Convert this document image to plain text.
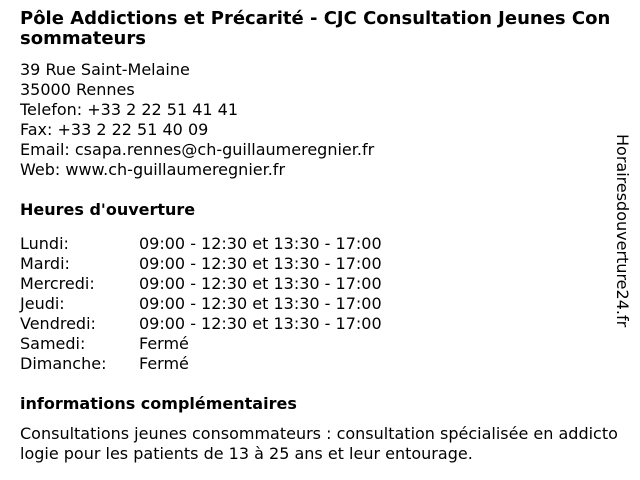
Pôle Addictions et Précarité - CJC Consultation Jeunes Consommateurs
39 Rue Saint-Melaine
35000 Rennes
Telefon: +33 2 22 51 41 41
Fax: +33 2 22 51 40 09
Email: csapa.rennes@ch-guillaumeregnier.fr
Web: www.ch-guillaumeregnier.fr
Heures d'ouverture
Lundi:	09:00 - 12:30 et 13:30 - 17:00
Mardi:	09:00 - 12:30 et 13:30 - 17:00
Mercredi:	09:00 - 12:30 et 13:30 - 17:00
Jeudi:	09:00 - 12:30 et 13:30 - 17:00
Vendredi:	09:00 - 12:30 et 13:30 - 17:00
Samedi:	Fermé
Dimanche:	Fermé
informations complémentaires
Consultations jeunes consommateurs : consultation spécialisée en addictologie pour les patients de 13 à 25 ans et leur entourage.
Horairesdouverture24.fr
